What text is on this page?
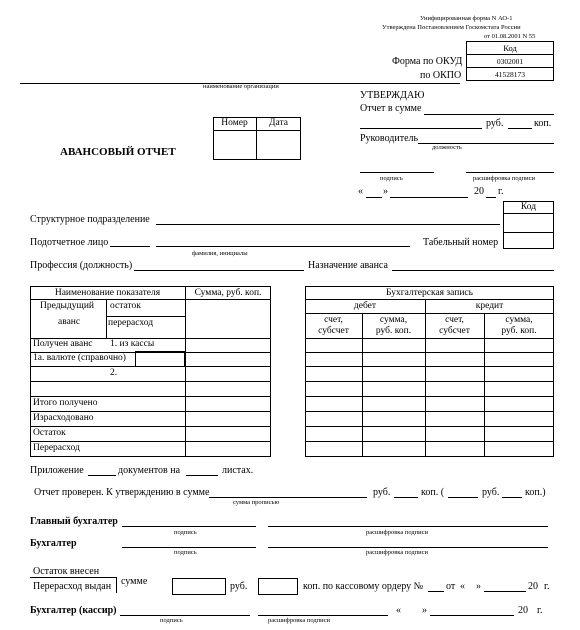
Унифицированная форма N АО-1
Утверждена Постановлением Госкомстата России
от 01.08.2001 N 55
Код
Форма по ОКУД	0302001
по ОКПО	41528173
наименование организации
УТВЕРЖДАЮ
Отчет в сумме
руб.	коп.
Руководитель
должность
подпись	расшифровка подписи
« »	20 г.
АВАНСОВЫЙ ОТЧЕТ
Номер	Дата
Код
Структурное подразделение
Подотчетное лицо
фамилия, инициалы
Табельный номер
Профессия (должность)	Назначение аванса
Наименование показателя	Сумма, руб. коп.
Предыдущий
аванс
остаток
перерасход
Получен аванс 1. из кассы
1а. валюте (справочно)
2.
Итого получено
Израсходовано
Остаток
Перерасход
Бухгалтерская запись
дебет	кредит
счет,
субсчет
сумма,
руб. коп.
счет,
субсчет
сумма,
руб. коп.
Приложение	документов на	листах.
Отчет проверен. К утверждению в сумме
сумма прописью
руб.	коп. (	руб.	коп.)
Главный бухгалтер
подпись	расшифровка подписи
Бухгалтер
подпись	расшифровка подписи
Остаток внесен
Перерасход выдан сумме	руб.	коп. по кассовому ордеру № от « »	20 г.
Бухгалтер (кассир)
подпись	расшифровка подписи
« »	20 г.
